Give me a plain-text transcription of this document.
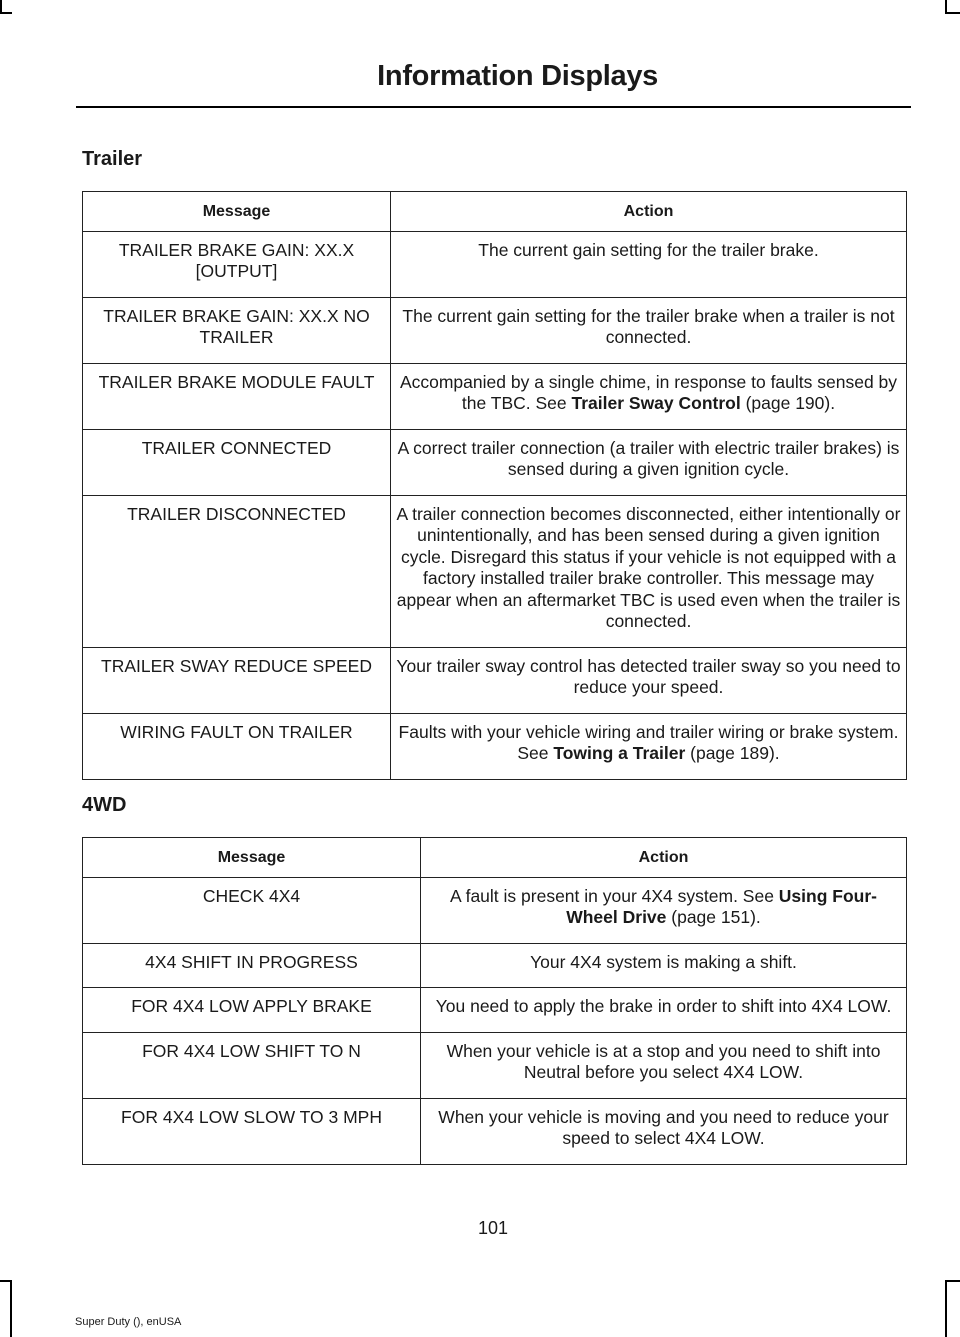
Information Displays
Trailer
Message	Action
TRAILER BRAKE GAIN: XX.X [OUTPUT]	The current gain setting for the trailer brake.
TRAILER BRAKE GAIN: XX.X NO TRAILER	The current gain setting for the trailer brake when a trailer is not connected.
TRAILER BRAKE MODULE FAULT	Accompanied by a single chime, in response to faults sensed by the TBC. See Trailer Sway Control (page 190).
TRAILER CONNECTED	A correct trailer connection (a trailer with electric trailer brakes) is sensed during a given ignition cycle.
TRAILER DISCONNECTED	A trailer connection becomes disconnected, either intentionally or unintentionally, and has been sensed during a given ignition cycle. Disregard this status if your vehicle is not equipped with a factory installed trailer brake controller. This message may appear when an aftermarket TBC is used even when the trailer is connected.
TRAILER SWAY REDUCE SPEED	Your trailer sway control has detected trailer sway so you need to reduce your speed.
WIRING FAULT ON TRAILER	Faults with your vehicle wiring and trailer wiring or brake system. See Towing a Trailer (page 189).
4WD
Message	Action
CHECK 4X4	A fault is present in your 4X4 system. See Using Four-Wheel Drive (page 151).
4X4 SHIFT IN PROGRESS	Your 4X4 system is making a shift.
FOR 4X4 LOW APPLY BRAKE	You need to apply the brake in order to shift into 4X4 LOW.
FOR 4X4 LOW SHIFT TO N	When your vehicle is at a stop and you need to shift into Neutral before you select 4X4 LOW.
FOR 4X4 LOW SLOW TO 3 MPH	When your vehicle is moving and you need to reduce your speed to select 4X4 LOW.
101
Super Duty (), enUSA
